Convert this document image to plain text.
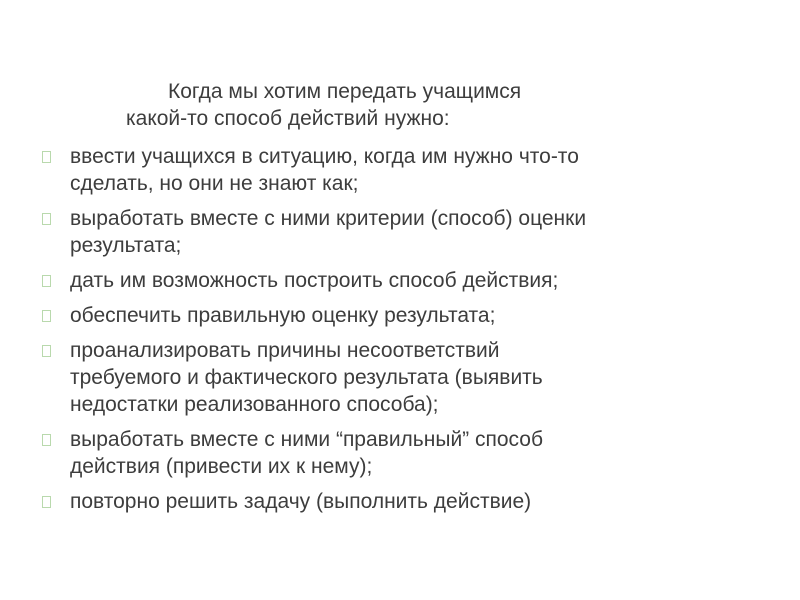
Когда мы хотим передать учащимся
какой-то способ действий нужно:
ввести учащихся в ситуацию, когда им нужно что-то
сделать, но они не знают как;
выработать вместе с ними критерии (способ) оценки
результата;
дать им возможность построить способ действия;
обеспечить правильную оценку результата;
проанализировать причины несоответствий
требуемого и фактического результата (выявить
недостатки реализованного способа);
выработать вместе с ними “правильный” способ
действия (привести их к нему);
повторно решить задачу (выполнить действие)
